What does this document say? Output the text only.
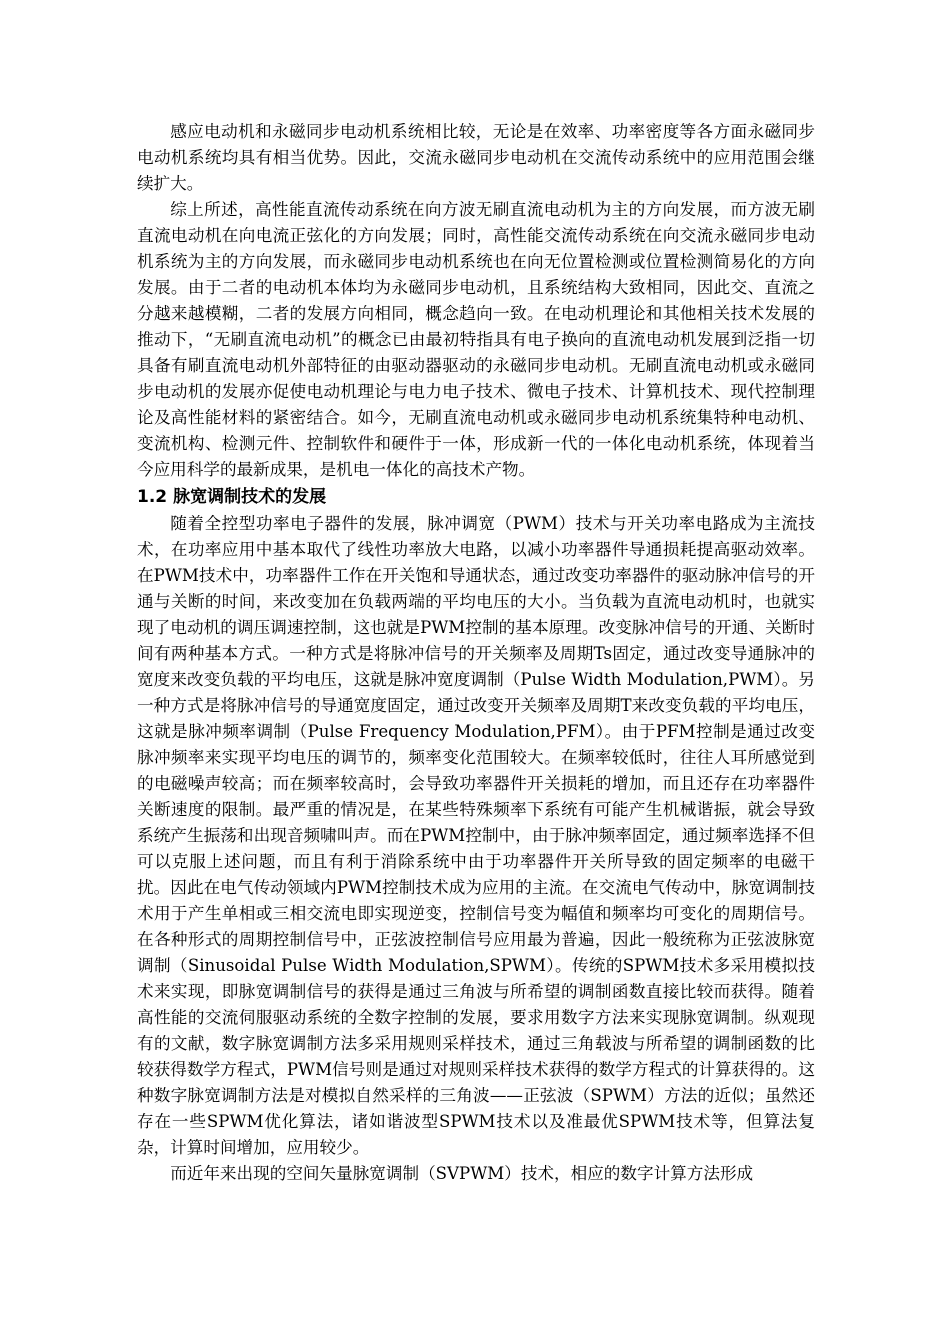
感应电动机和永磁同步电动机系统相比较，无论是在效率、功率密度等各方面永磁同步电动机系统均具有相当优势。因此，交流永磁同步电动机在交流传动系统中的应用范围会继续扩大。

综上所述，高性能直流传动系统在向方波无刷直流电动机为主的方向发展，而方波无刷直流电动机在向电流正弦化的方向发展；同时，高性能交流传动系统在向交流永磁同步电动机系统为主的方向发展，而永磁同步电动机系统也在向无位置检测或位置检测简易化的方向发展。由于二者的电动机本体均为永磁同步电动机，且系统结构大致相同，因此交、直流之分越来越模糊，二者的发展方向相同，概念趋向一致。在电动机理论和其他相关技术发展的推动下，“无刷直流电动机”的概念已由最初特指具有电子换向的直流电动机发展到泛指一切具备有刷直流电动机外部特征的由驱动器驱动的永磁同步电动机。无刷直流电动机或永磁同步电动机的发展亦促使电动机理论与电力电子技术、微电子技术、计算机技术、现代控制理论及高性能材料的紧密结合。如今，无刷直流电动机或永磁同步电动机系统集特种电动机、变流机构、检测元件、控制软件和硬件于一体，形成新一代的一体化电动机系统，体现着当今应用科学的最新成果，是机电一体化的高技术产物。

1.2 脉宽调制技术的发展

随着全控型功率电子器件的发展，脉冲调宽（PWM）技术与开关功率电路成为主流技术，在功率应用中基本取代了线性功率放大电路，以减小功率器件导通损耗提高驱动效率。在PWM技术中，功率器件工作在开关饱和导通状态，通过改变功率器件的驱动脉冲信号的开通与关断的时间，来改变加在负载两端的平均电压的大小。当负载为直流电动机时，也就实现了电动机的调压调速控制，这也就是PWM控制的基本原理。改变脉冲信号的开通、关断时间有两种基本方式。一种方式是将脉冲信号的开关频率及周期Ts固定，通过改变导通脉冲的宽度来改变负载的平均电压，这就是脉冲宽度调制（Pulse Width Modulation,PWM）。另一种方式是将脉冲信号的导通宽度固定，通过改变开关频率及周期T来改变负载的平均电压，这就是脉冲频率调制（Pulse Frequency Modulation,PFM）。由于PFM控制是通过改变脉冲频率来实现平均电压的调节的，频率变化范围较大。在频率较低时，往往人耳所感觉到的电磁噪声较高；而在频率较高时，会导致功率器件开关损耗的增加，而且还存在功率器件关断速度的限制。最严重的情况是，在某些特殊频率下系统有可能产生机械谐振，就会导致系统产生振荡和出现音频啸叫声。而在PWM控制中，由于脉冲频率固定，通过频率选择不但可以克服上述问题，而且有利于消除系统中由于功率器件开关所导致的固定频率的电磁干扰。因此在电气传动领域内PWM控制技术成为应用的主流。在交流电气传动中，脉宽调制技术用于产生单相或三相交流电即实现逆变，控制信号变为幅值和频率均可变化的周期信号。在各种形式的周期控制信号中，正弦波控制信号应用最为普遍，因此一般统称为正弦波脉宽调制（Sinusoidal Pulse Width Modulation,SPWM）。传统的SPWM技术多采用模拟技术来实现，即脉宽调制信号的获得是通过三角波与所希望的调制函数直接比较而获得。随着高性能的交流伺服驱动系统的全数字控制的发展，要求用数字方法来实现脉宽调制。纵观现有的文献，数字脉宽调制方法多采用规则采样技术，通过三角载波与所希望的调制函数的比较获得数学方程式，PWM信号则是通过对规则采样技术获得的数学方程式的计算获得的。这种数字脉宽调制方法是对模拟自然采样的三角波——正弦波（SPWM）方法的近似；虽然还存在一些SPWM优化算法，诸如谐波型SPWM技术以及准最优SPWM技术等，但算法复杂，计算时间增加，应用较少。

而近年来出现的空间矢量脉宽调制（SVPWM）技术，相应的数字计算方法形成
